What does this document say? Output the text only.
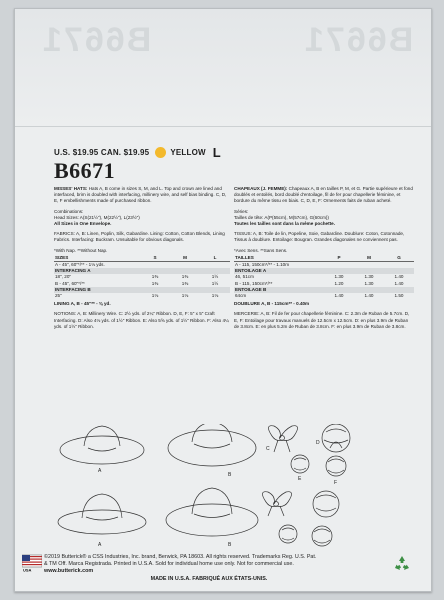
B6671	B6671
U.S. $19.95 CAN. $19.95	YELLOW L
B6671

MISSES' HATS: Hats A, B come in sizes S, M, and L. Top and crown are lined and interfaced, brim is doubled with interfacing, millinery wire, and self bias binding. C, D, E, F embellishments made of purchased ribbon.

Combinations:
Head Sizes: A(S(21½"), M(22½"), L(23½")
All Sizes in One Envelope.

FABRICS: A, B: Linen, Poplin, Silk, Gabardine. Lining: Cotton, Cotton Blends, Lining Fabrics. Interfacing: Buckram. Unsuitable for obvious diagonals.

*With Nap. **Without Nap.

SIZES	S	M	L
A - 45", 60"*/** - 1⅛ yds.			
INTERFACING A			
18", 20"	1⅜	1⅜	1½
B - 45", 60"*/**	1⅜	1⅜	1½
INTERFACING B			
25"	1⅛	1⅛	1⅛

LINING A, B - 45"** - ⅜ yd.

NOTIONS: A, B: Millinery Wire. C: 2½ yds. of 2¼" Ribbon. D, E, F: 5" x 5" Craft Interfacing. D: Also 4⅛ yds. of 1½" Ribbon. E: Also 5⅝ yds. of 1½" Ribbon. F: Also 4¼ yds. of 1½" Ribbon.

CHAPEAUX (J. FEMME): Chapeaux A, B en tailles P, M, et G. Partie supérieure et fond doublés et entoilés, bord doublé d'entoilage, fil de fer pour chapellerie féminine, et bordure du même tissu en biais. C, D, E, F: Ornements faits de ruban acheté.

Séries:
Tailles de tête: A(P(55cm), M(57cm), G(60cm))
Toutes les tailles sont dans la même pochette.

TISSUS: A, B: Toile de lin, Popeline, Soie, Gabardine. Doublure: Coton, Cotonnade, Tissus à doublure. Entoilage: Bougran. Grandes diagonales ne conviennent pas.

*Avec Sens. **Sans Sens.

TAILLES	P	M	G
A - 115, 150cm*/** - 1.10m			
ENTOILAGE A			
46, 51cm	1.30	1.30	1.40
B - 115, 150cm*/**	1.20	1.30	1.40
ENTOILAGE B			
64cm	1.40	1.40	1.50

DOUBLURE A, B - 115cm** - 0.40m

MERCERIE: A, B: Fil de fer pour chapellerie féminine. C: 2.3m de Ruban de 5.7cm. D, E, F: Entoilage pour travaux manuels de 12.5cm x 12.5cm. D: en plus 3.9m de Ruban de 3.8cm. E: en plus 5.2m de Ruban de 3.8cm. F: en plus 3.9m de Ruban de 3.8cm.

A
B
C
D
E
F
A	B
USA
©2019 Butterick® a CSS Industries, Inc. brand, Berwick, PA 18603. All rights reserved. Trademarks Reg. U.S. Pat.
& TM Off. Marca Registrada. Printed in U.S.A. Sold for individual home use only. Not for commercial use.
www.butterick.com
MADE IN U.S.A. FABRIQUÉ AUX ÉTATS-UNIS.
